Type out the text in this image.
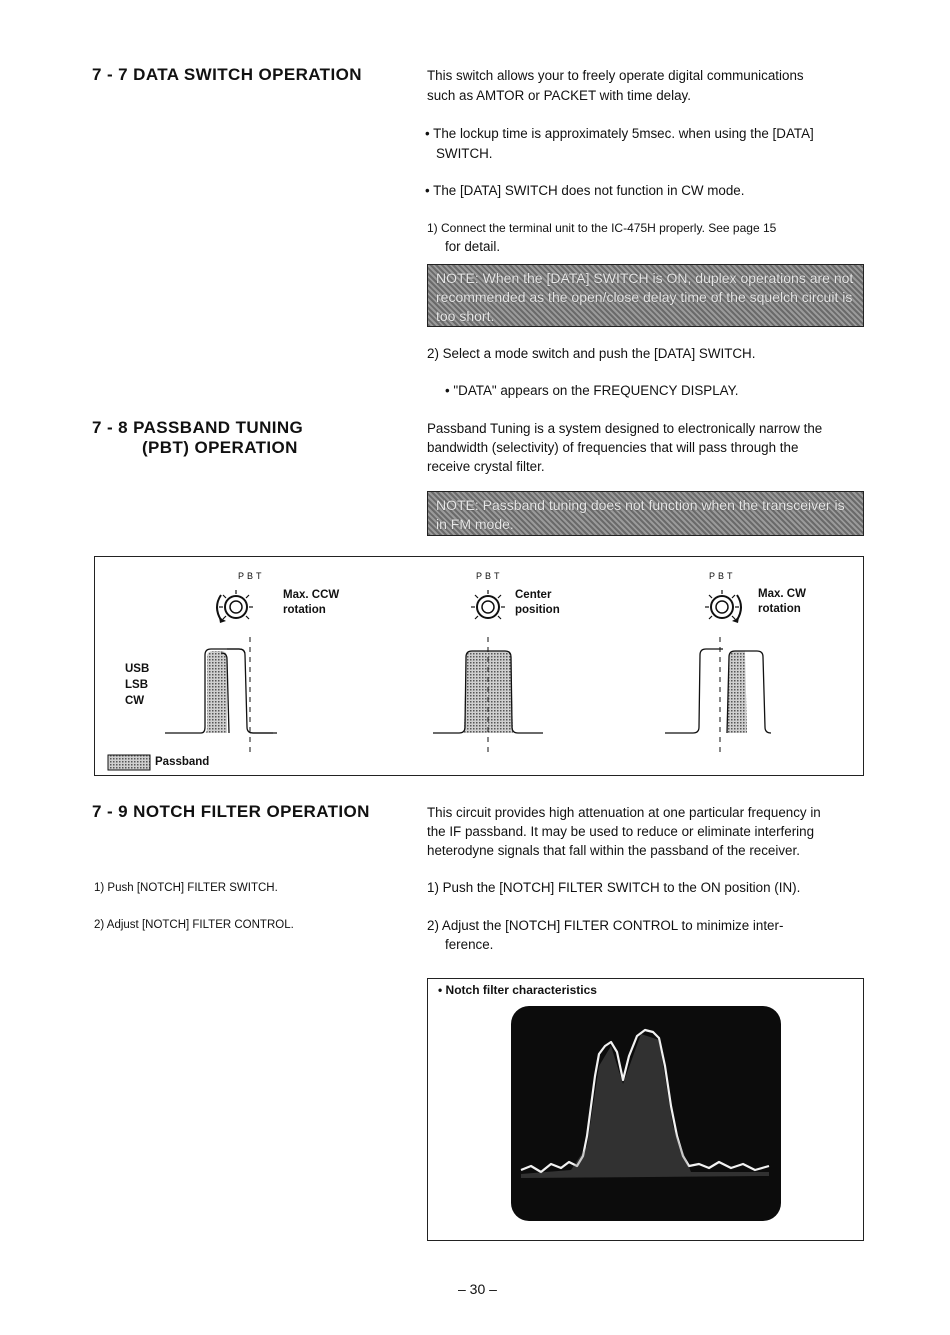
7 - 7 DATA SWITCH OPERATION	This switch allows your to freely operate digital communications
such as AMTOR or PACKET with time delay.
• The lockup time is approximately 5msec. when using the [DATA]
SWITCH.
• The [DATA] SWITCH does not function in CW mode.
1) Connect the terminal unit to the IC-475H properly. See page 15
for detail.
NOTE: When the [DATA] SWITCH is ON, duplex operations are not recommended as the open/close delay time of the squelch circuit is too short.
2) Select a mode switch and push the [DATA] SWITCH.
• "DATA" appears on the FREQUENCY DISPLAY.
7 - 8 PASSBAND TUNING
(PBT) OPERATION
Passband Tuning is a system designed to electronically narrow the
bandwidth (selectivity) of frequencies that will pass through the
receive crystal filter.
NOTE: Passband tuning does not function when the transceiver is in FM mode.
PBT	PBT	PBT
Max. CCW
rotation
Center
position
Max. CW
rotation
USB
LSB
CW
Passband
7 - 9 NOTCH FILTER OPERATION	This circuit provides high attenuation at one particular frequency in
the IF passband. It may be used to reduce or eliminate interfering
heterodyne signals that fall within the passband of the receiver.
1) Push [NOTCH] FILTER SWITCH.
2) Adjust [NOTCH] FILTER CONTROL.
1) Push the [NOTCH] FILTER SWITCH to the ON position (IN).
2) Adjust the [NOTCH] FILTER CONTROL to minimize inter-
ference.
• Notch filter characteristics
– 30 –
